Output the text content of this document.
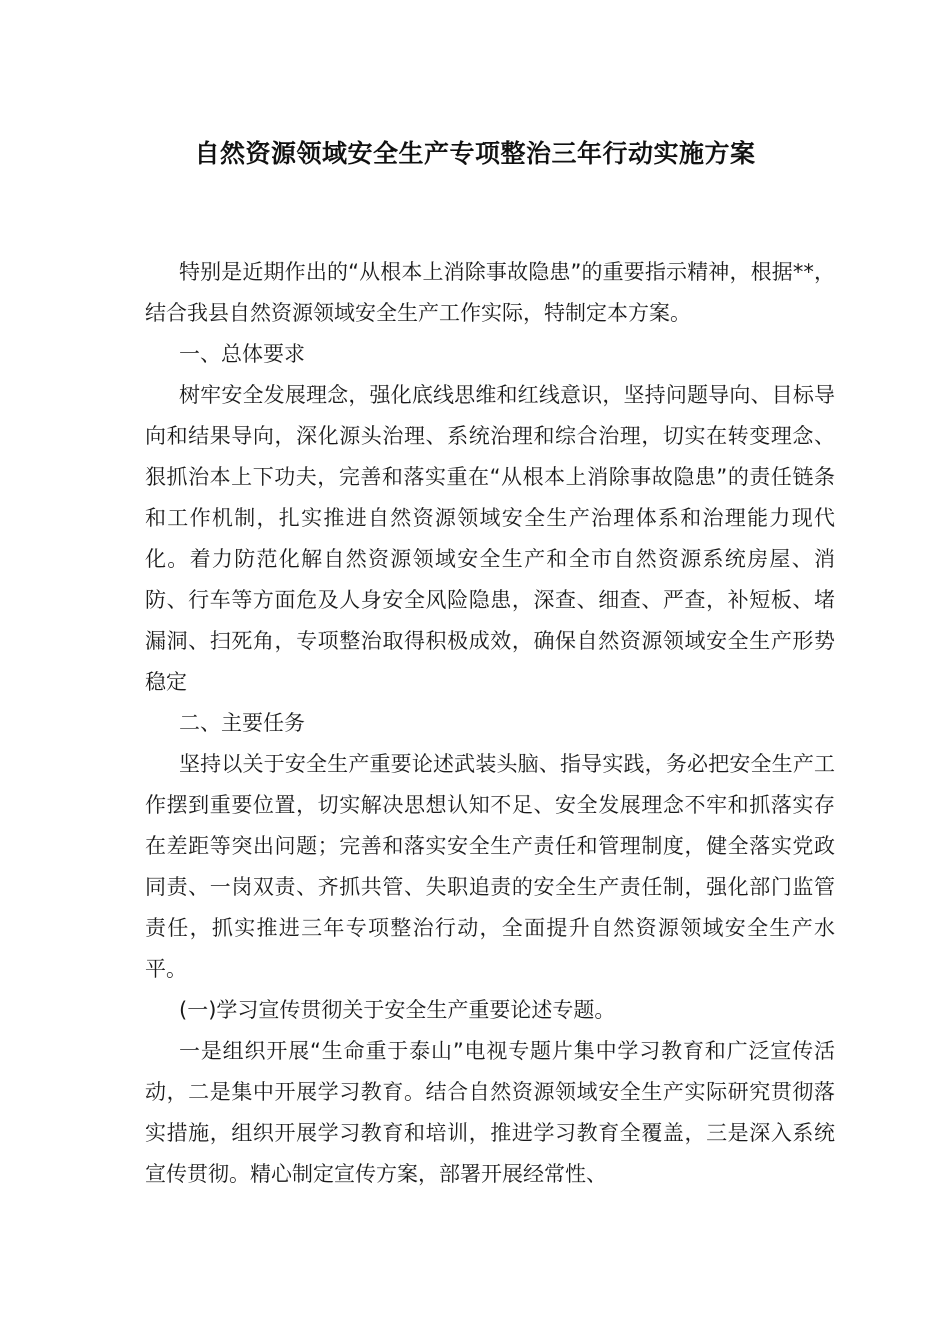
自然资源领域安全生产专项整治三年行动实施方案

特别是近期作出的“从根本上消除事故隐患”的重要指示精神，根据**，结合我县自然资源领域安全生产工作实际，特制定本方案。

一、总体要求

树牢安全发展理念，强化底线思维和红线意识，坚持问题导向、目标导向和结果导向，深化源头治理、系统治理和综合治理，切实在转变理念、狠抓治本上下功夫，完善和落实重在“从根本上消除事故隐患”的责任链条和工作机制，扎实推进自然资源领域安全生产治理体系和治理能力现代化。着力防范化解自然资源领域安全生产和全市自然资源系统房屋、消防、行车等方面危及人身安全风险隐患，深查、细查、严查，补短板、堵漏洞、扫死角，专项整治取得积极成效，确保自然资源领域安全生产形势稳定

二、主要任务

坚持以关于安全生产重要论述武装头脑、指导实践，务必把安全生产工作摆到重要位置，切实解决思想认知不足、安全发展理念不牢和抓落实存在差距等突出问题；完善和落实安全生产责任和管理制度，健全落实党政同责、一岗双责、齐抓共管、失职追责的安全生产责任制，强化部门监管责任，抓实推进三年专项整治行动，全面提升自然资源领域安全生产水平。

(一)学习宣传贯彻关于安全生产重要论述专题。

一是组织开展“生命重于泰山”电视专题片集中学习教育和广泛宣传活动，二是集中开展学习教育。结合自然资源领域安全生产实际研究贯彻落实措施，组织开展学习教育和培训，推进学习教育全覆盖，三是深入系统宣传贯彻。精心制定宣传方案，部署开展经常性、
